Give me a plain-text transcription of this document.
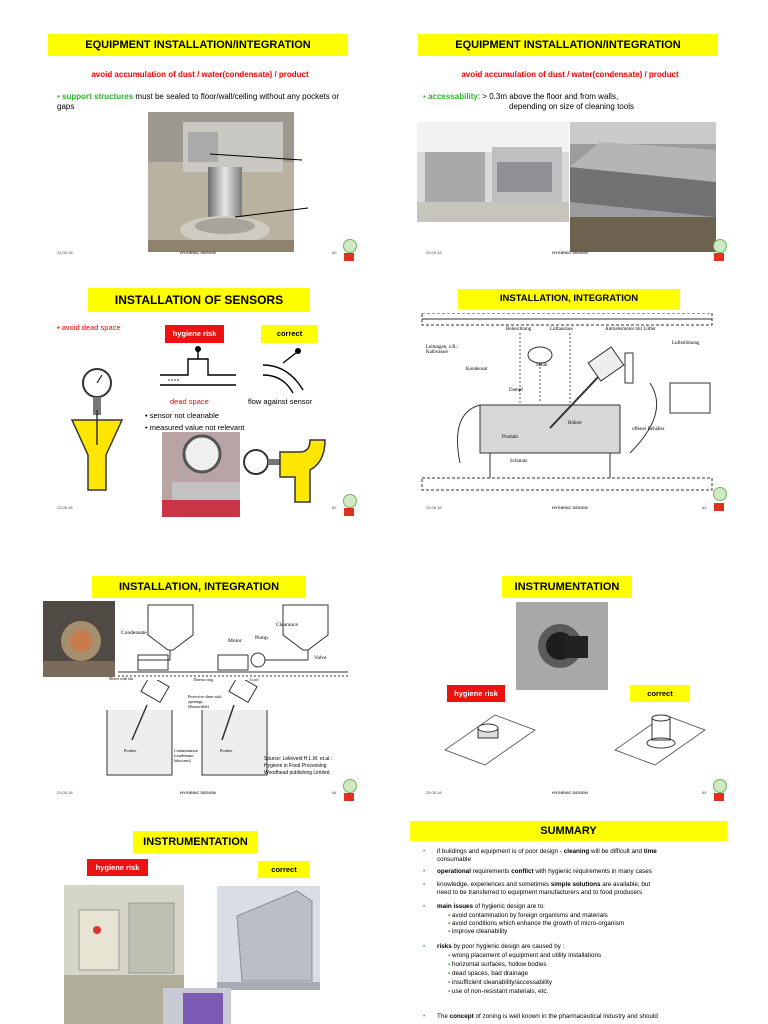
EQUIPMENT INSTALLATION/INTEGRATION
avoid accumulation of dust / water(condensate) / product
▪ support structures must be sealed to floor/wall/ceiling without any pockets or gaps
23.05.18	HYGIENIC DESIGN	60
EQUIPMENT INSTALLATION/INTEGRATION
avoid accumulation of dust / water(condensate) / product
▪ accessability: > 0.3m above the floor and from walls,
depending on size of cleaning tools
23.05.18	HYGIENIC DESIGN
INSTALLATION OF SENSORS
▪ avoid dead space
hygiene risk	correct
dead space	flow against sensor
• sensor not cleanable
• measured value not relevant
23.05.18	62
INSTALLATION, INTEGRATION
Beleuchtung	Lüftauslass	Antriebsmotor mit Lüfter
Leitungen, z.B.: Kaltwasser
Luftströmung
Kondensat
Staub
Dampf
Rührer
Produkt
offener Behälter
Schmutz
23.05.18	HYGIENIC DESIGN	63
INSTALLATION, INTEGRATION
Condensate
Motor Pump
Clearance
Valve
Motor with fan	Thermo ring	Cowl
Protective sheet with openings (Removable)
Product	Contamination (condensate, lubricants)
Product
Source: Lelieveld H.L.M. et.al.:
Hygiene in Food Processing
Woodhead publishing Limited
23.05.18	HYGIENIC DESIGN	64
INSTRUMENTATION
hygiene risk	correct
23.05.18	HYGIENIC DESIGN	65
INSTRUMENTATION
hygiene risk	correct
SUMMARY
• if buildings and equipment is of poor design - cleaning will be difficult and time
consumable
• operational requirements conflict with hygienic requirements in many cases
• knowledge, experiences and sometimes simple solutions are available, but
need to be transferred to equipment manufacturers and to food producers
• main issues of hygienic design are to:
▪ avoid contamination by foreign organisms and materials
▪ avoid conditions which enhance the growth of micro-organism
▪ improve cleanability
• risks by poor hygienic design are caused by :
▪ wrong placement of equipment and utility installations
▪ horizontal surfaces, hollow bodies
▪ dead spaces, bad drainage
▪ insufficient cleanability/accessability
▪ use of non-resistant materials, etc.
• The concept of zoning is well known in the pharmaceutical industry and should
